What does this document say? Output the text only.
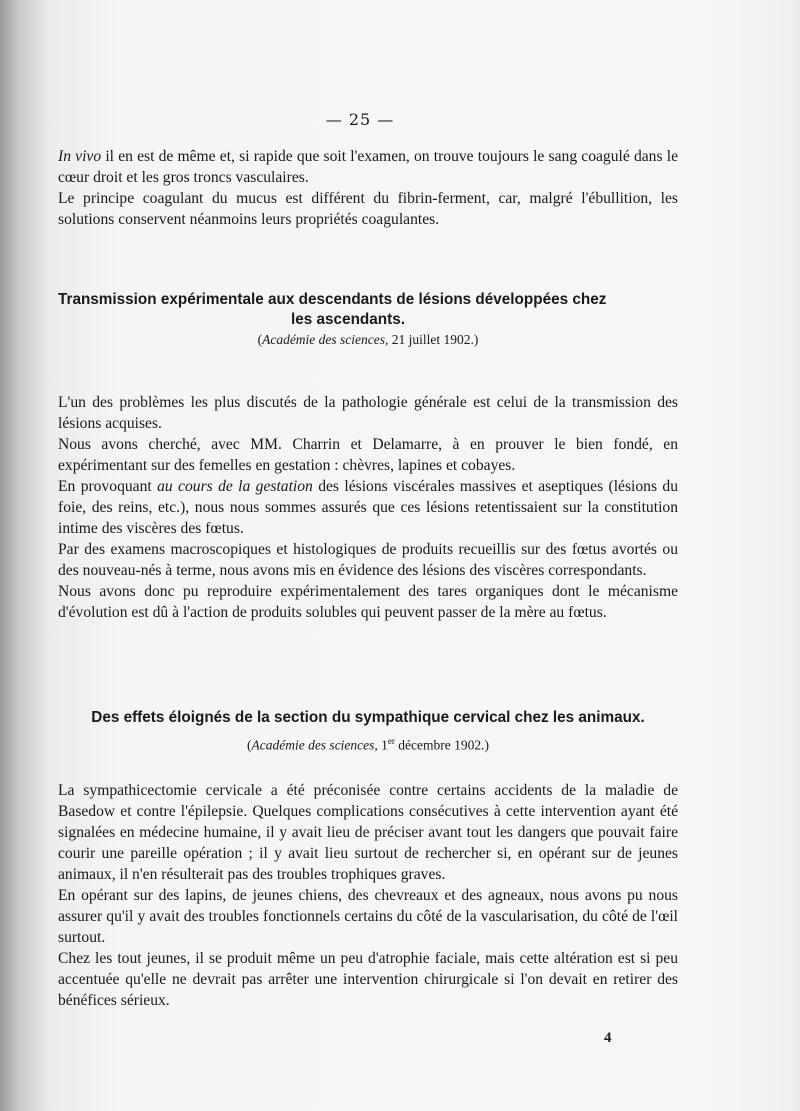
— 25 —

In vivo il en est de même et, si rapide que soit l'examen, on trouve toujours le sang coagulé dans le cœur droit et les gros troncs vasculaires.

Le principe coagulant du mucus est différent du fibrin-ferment, car, malgré l'ébullition, les solutions conservent néanmoins leurs propriétés coagulantes.

Transmission expérimentale aux descendants de lésions développées chez
les ascendants.

(Académie des sciences, 21 juillet 1902.)

L'un des problèmes les plus discutés de la pathologie générale est celui de la transmission des lésions acquises.

Nous avons cherché, avec MM. Charrin et Delamarre, à en prouver le bien fondé, en expérimentant sur des femelles en gestation : chèvres, lapines et cobayes.

En provoquant au cours de la gestation des lésions viscérales massives et aseptiques (lésions du foie, des reins, etc.), nous nous sommes assurés que ces lésions retentissaient sur la constitution intime des viscères des fœtus.

Par des examens macroscopiques et histologiques de produits recueillis sur des fœtus avortés ou des nouveau-nés à terme, nous avons mis en évidence des lésions des viscères correspondants.

Nous avons donc pu reproduire expérimentalement des tares organiques dont le mécanisme d'évolution est dû à l'action de produits solubles qui peuvent passer de la mère au fœtus.

Des effets éloignés de la section du sympathique cervical chez les animaux.

(Académie des sciences, 1er décembre 1902.)

La sympathicectomie cervicale a été préconisée contre certains accidents de la maladie de Basedow et contre l'épilepsie. Quelques complications consécutives à cette intervention ayant été signalées en médecine humaine, il y avait lieu de préciser avant tout les dangers que pouvait faire courir une pareille opération ; il y avait lieu surtout de rechercher si, en opérant sur de jeunes animaux, il n'en résulterait pas des troubles trophiques graves.

En opérant sur des lapins, de jeunes chiens, des chevreaux et des agneaux, nous avons pu nous assurer qu'il y avait des troubles fonctionnels certains du côté de la vascularisation, du côté de l'œil surtout.

Chez les tout jeunes, il se produit même un peu d'atrophie faciale, mais cette altération est si peu accentuée qu'elle ne devrait pas arrêter une intervention chirurgicale si l'on devait en retirer des bénéfices sérieux.

4
